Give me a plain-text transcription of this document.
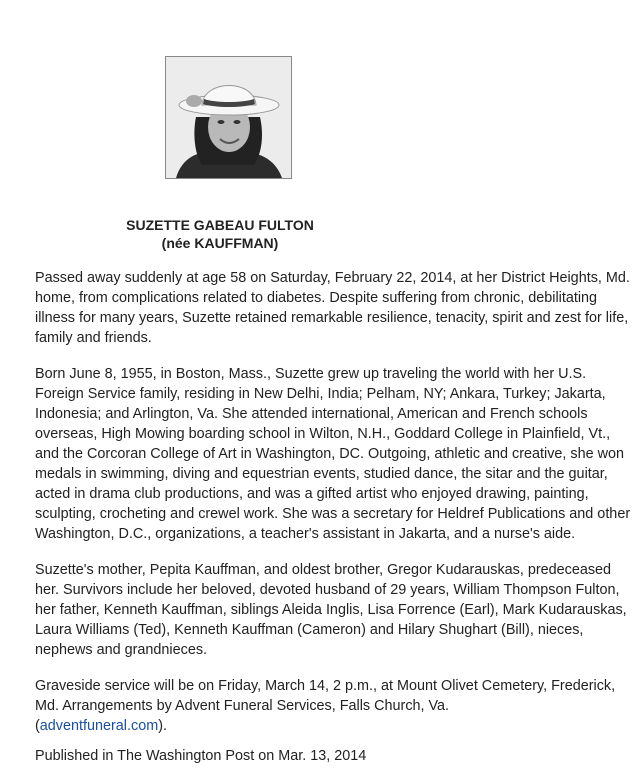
SUZETTE GABEAU FULTON
(née KAUFFMAN)

Passed away suddenly at age 58 on Saturday, February 22, 2014, at her District Heights, Md. home, from complications related to diabetes. Despite suffering from chronic, debilitating illness for many years, Suzette retained remarkable resilience, tenacity, spirit and zest for life, family and friends.

Born June 8, 1955, in Boston, Mass., Suzette grew up traveling the world with her U.S. Foreign Service family, residing in New Delhi, India; Pelham, NY; Ankara, Turkey; Jakarta, Indonesia; and Arlington, Va. She attended international, American and French schools overseas, High Mowing boarding school in Wilton, N.H., Goddard College in Plainfield, Vt., and the Corcoran College of Art in Washington, DC. Outgoing, athletic and creative, she won medals in swimming, diving and equestrian events, studied dance, the sitar and the guitar, acted in drama club productions, and was a gifted artist who enjoyed drawing, painting, sculpting, crocheting and crewel work. She was a secretary for Heldref Publications and other Washington, D.C., organizations, a teacher's assistant in Jakarta, and a nurse's aide.

Suzette's mother, Pepita Kauffman, and oldest brother, Gregor Kudarauskas, predeceased her. Survivors include her beloved, devoted husband of 29 years, William Thompson Fulton, her father, Kenneth Kauffman, siblings Aleida Inglis, Lisa Forrence (Earl), Mark Kudarauskas, Laura Williams (Ted), Kenneth Kauffman (Cameron) and Hilary Shughart (Bill), nieces, nephews and grandnieces.

Graveside service will be on Friday, March 14, 2 p.m., at Mount Olivet Cemetery, Frederick, Md. Arrangements by Advent Funeral Services, Falls Church, Va.
(adventfuneral.com).

Published in The Washington Post on Mar. 13, 2014
